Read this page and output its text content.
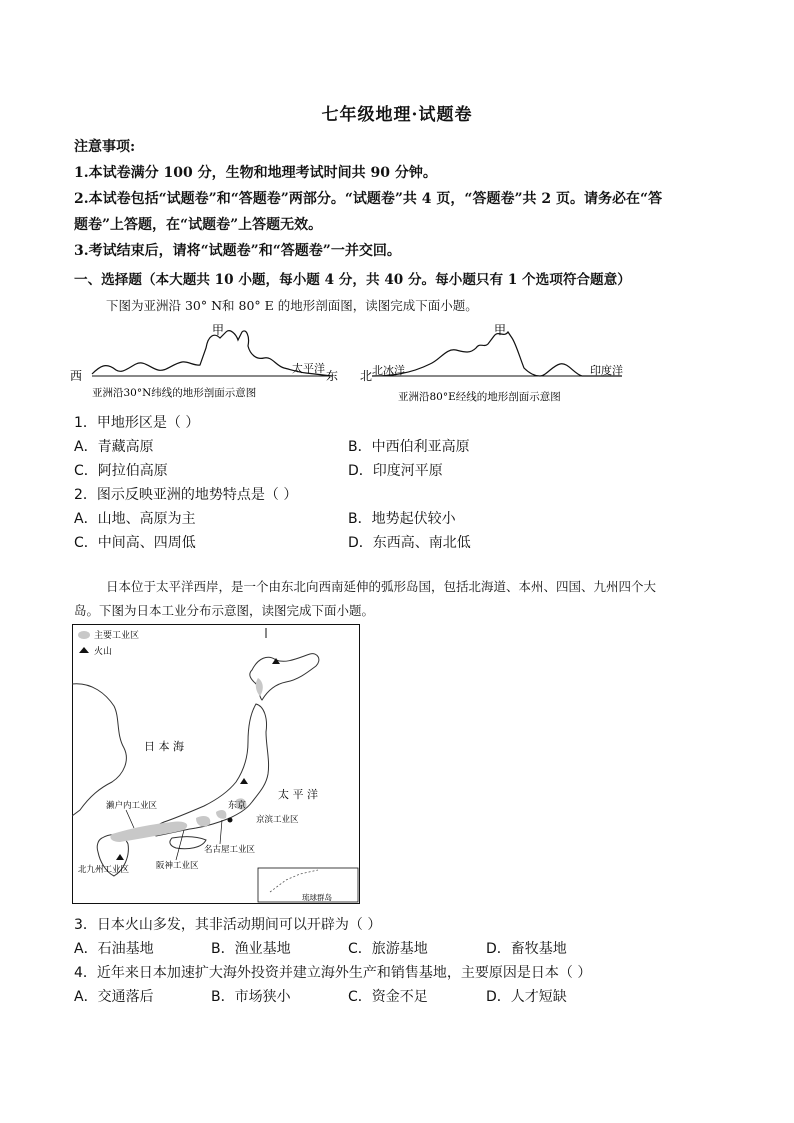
七年级地理·试题卷
注意事项:
1.本试卷满分 100 分，生物和地理考试时间共 90 分钟。
2.本试卷包括“试题卷”和“答题卷”两部分。“试题卷”共 4 页，“答题卷”共 2 页。请务必在“答
题卷”上答题，在“试题卷”上答题无效。
3.考试结束后，请将“试题卷”和“答题卷”一并交回。
一、选择题（本大题共 10 小题，每小题 4 分，共 40 分。每小题只有 1 个选项符合题意）
下图为亚洲沿 30° N和 80° E 的地形剖面图，读图完成下面小题。
甲
西
太平洋
东
亚洲沿30°N纬线的地形剖面示意图
甲
北 北冰洋	印度洋
亚洲沿80°E经线的地形剖面示意图
1．甲地形区是（ ）
A．青藏高原	B．中西伯利亚高原
C．阿拉伯高原	D．印度河平原
2．图示反映亚洲的地势特点是（ ）
A．山地、高原为主	B．地势起伏较小
C．中间高、四周低	D．东西高、南北低
日本位于太平洋西岸，是一个由东北向西南延伸的弧形岛国，包括北海道、本州、四国、九州四个大
岛。下图为日本工业分布示意图，读图完成下面小题。
主要工业区
火山
日 本 海
太 平 洋
濑户内工业区	东京
京滨工业区
名古屋工业区
阪神工业区
北九州工业区
琉球群岛
3．日本火山多发，其非活动期间可以开辟为（ ）
A．石油基地	B．渔业基地	C．旅游基地	D．畜牧基地
4．近年来日本加速扩大海外投资并建立海外生产和销售基地，主要原因是日本（ ）
A．交通落后	B．市场狭小	C．资金不足	D．人才短缺
